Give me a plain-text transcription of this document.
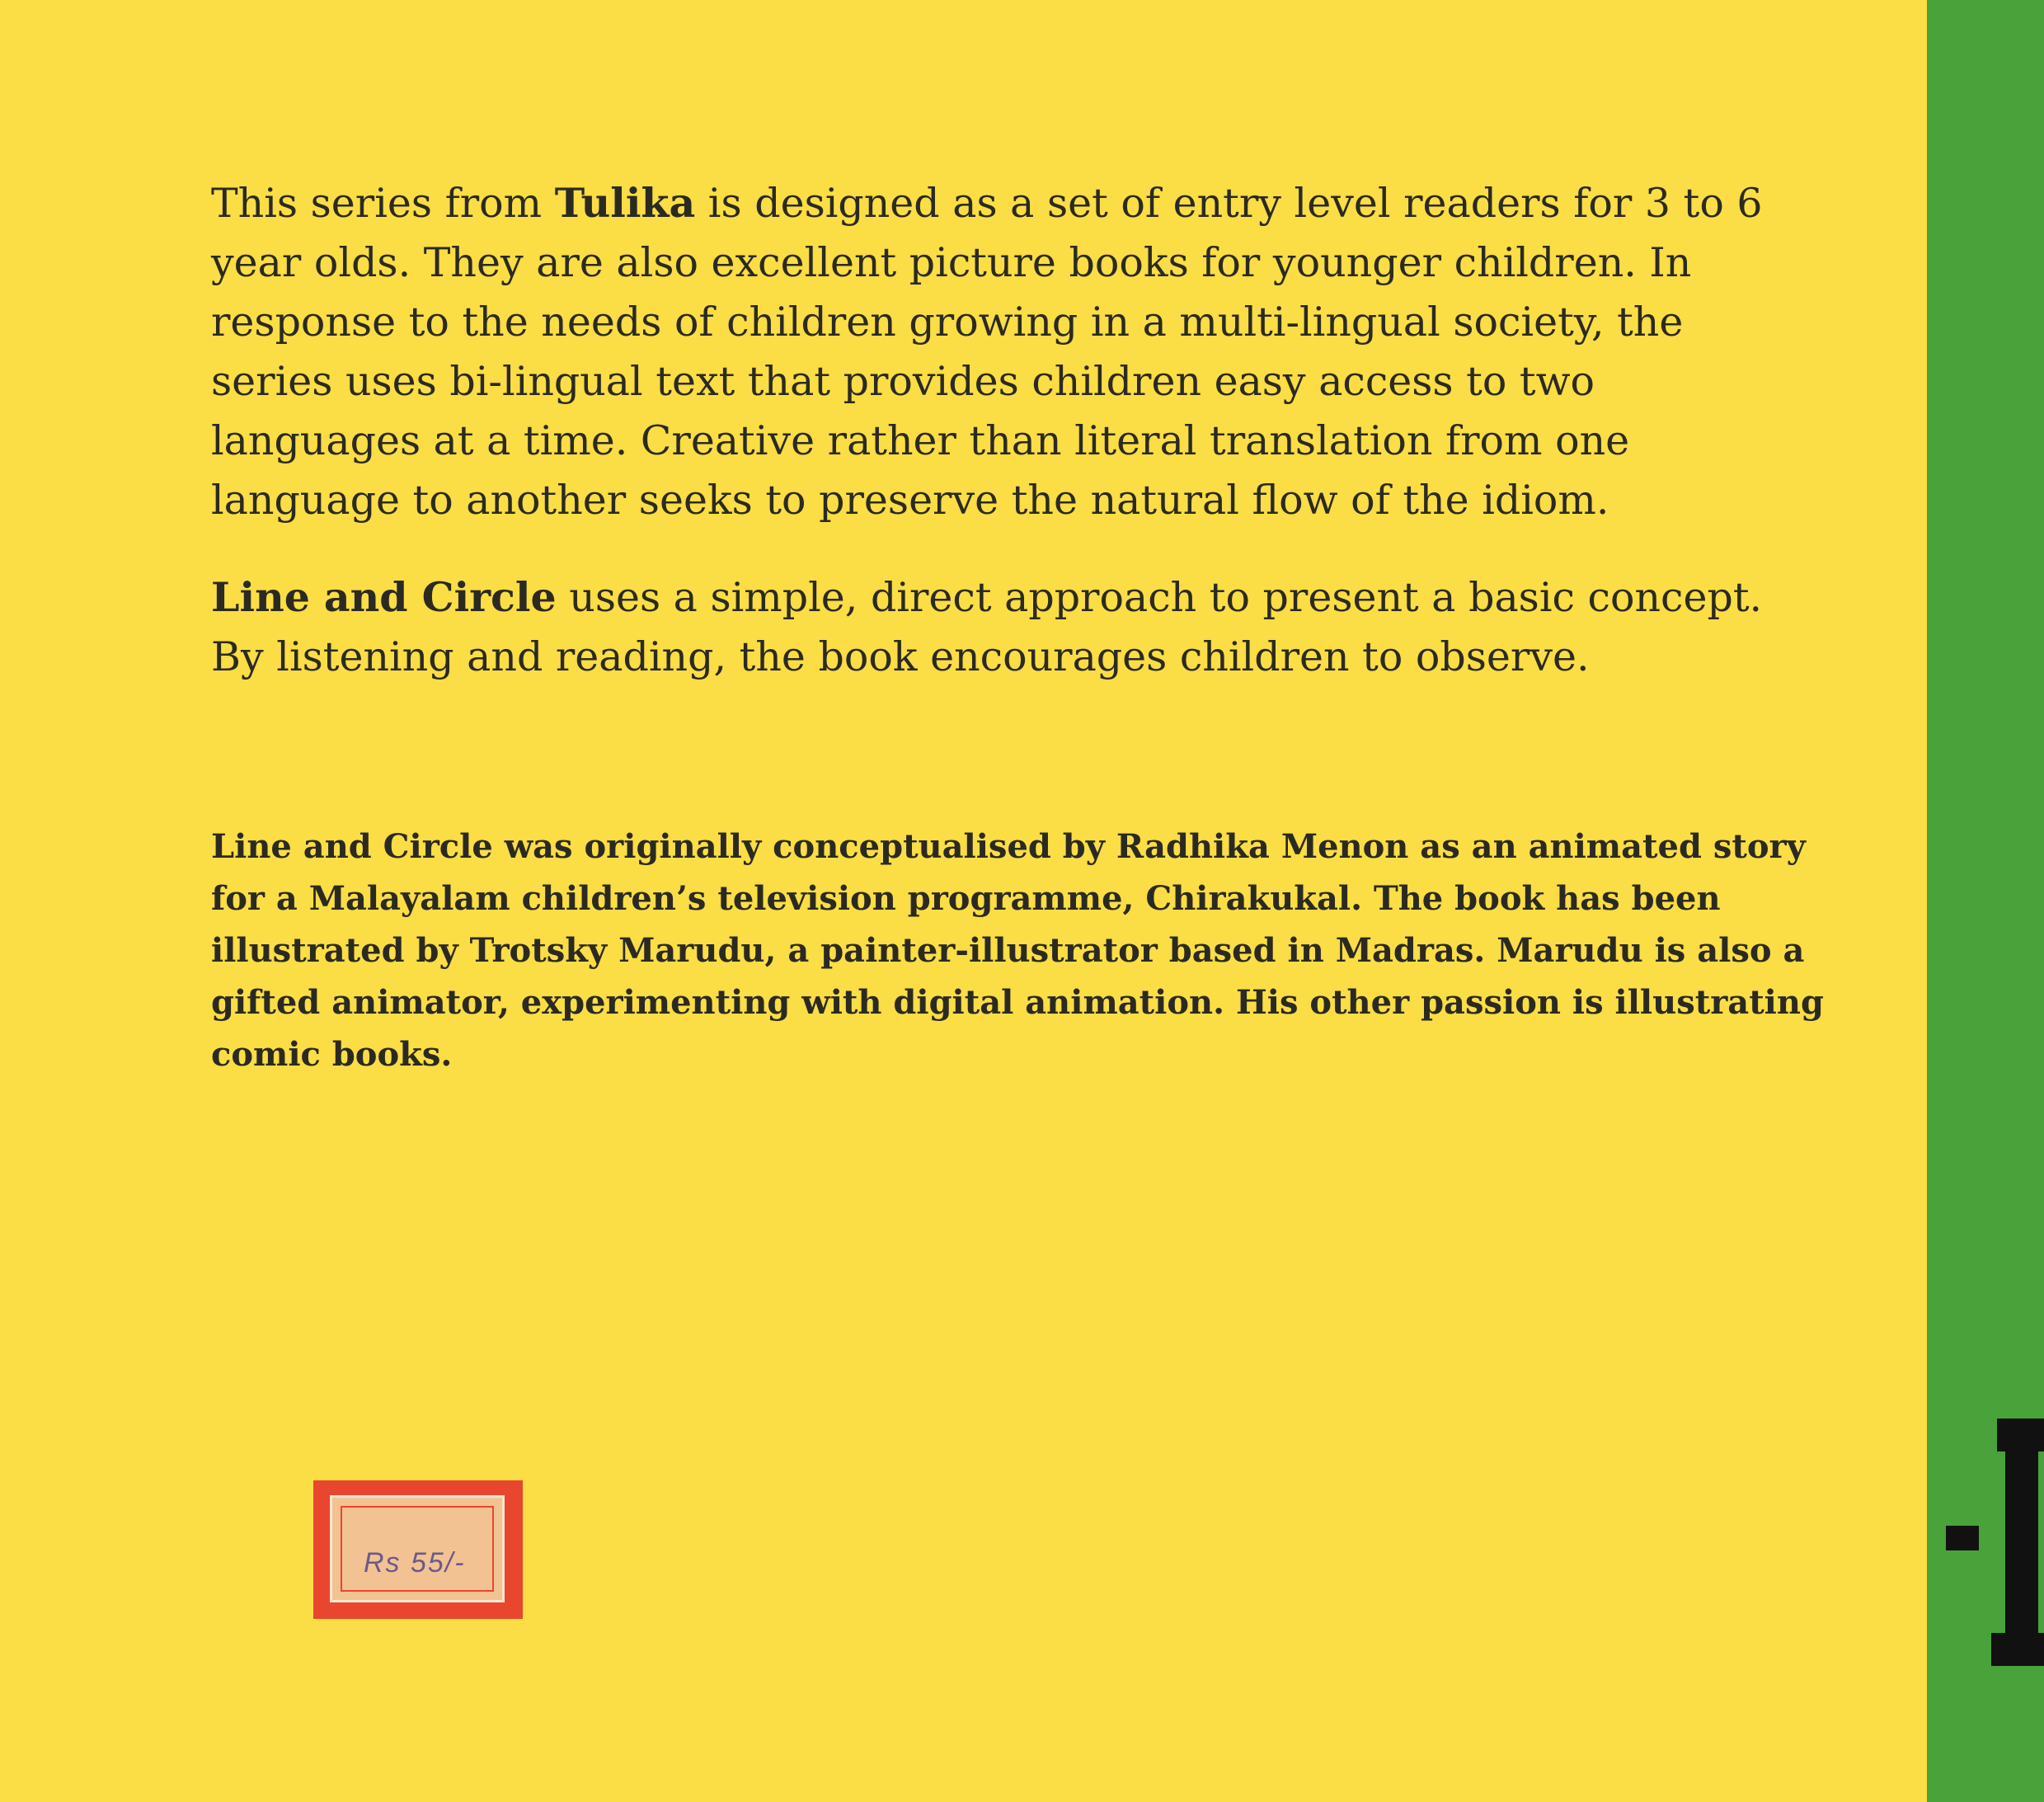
This series from Tulika is designed as a set of entry level readers for 3 to 6
year olds. They are also excellent picture books for younger children. In
response to the needs of children growing in a multi-lingual society, the
series uses bi-lingual text that provides children easy access to two
languages at a time. Creative rather than literal translation from one
language to another seeks to preserve the natural flow of the idiom.
Line and Circle uses a simple, direct approach to present a basic concept.
By listening and reading, the book encourages children to observe.
Line and Circle was originally conceptualised by Radhika Menon as an animated story
for a Malayalam children’s television programme, Chirakukal. The book has been
illustrated by Trotsky Marudu, a painter-illustrator based in Madras. Marudu is also a
gifted animator, experimenting with digital animation. His other passion is illustrating
comic books.
Rs 55/-
